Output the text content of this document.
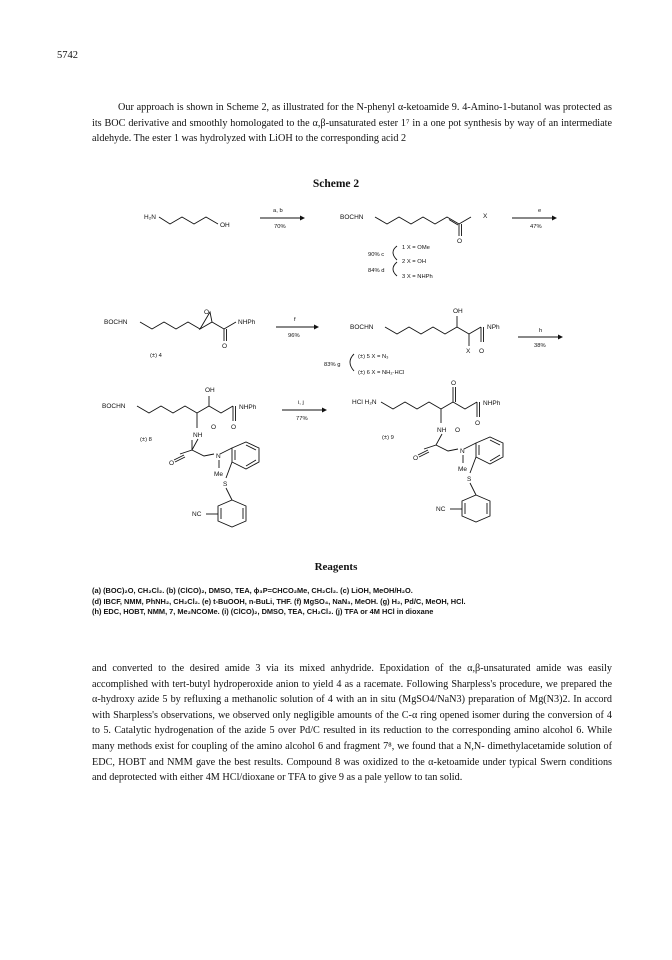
5742

Our approach is shown in Scheme 2, as illustrated for the N-phenyl α-ketoamide 9. 4-Amino-1-butanol was protected as its BOC derivative and smoothly homologated to the α,β-unsaturated ester 1⁷ in a one pot synthesis by way of an intermediate aldehyde. The ester 1 was hydrolyzed with LiOH to the corresponding acid 2

Scheme 2
H₂N
OH
a, b
70%
BOCHN
O
X
e
47%
90% c
1 X = OMe
2 X = OH
84% d
3 X = NHPh
BOCHN
O
O
NHPh
(±) 4
f
96%
BOCHN
OH
X O
NPh	h
38%
83% g
(±) 5 X = N₃
(±) 6 X = NH₂·HCl
BOCHN
OH
O
NHPh
NH
O
O
N
Me
S
NC
(±) 8
i, j
77%
HCl H₂N
O
O
NHPh
NH O
O
N
Me
S
NC
(±) 9
Reagents
(a) (BOC)₂O, CH₂Cl₂. (b) (ClCO)₂, DMSO, TEA, ϕ₃P=CHCO₂Me, CH₂Cl₂. (c) LiOH, MeOH/H₂O.
(d) IBCF, NMM, PhNH₂, CH₂Cl₂. (e) t-BuOOH, n-BuLi, THF. (f) MgSO₄, NaN₃, MeOH. (g) H₂, Pd/C, MeOH, HCl.
(h) EDC, HOBT, NMM, 7, Me₂NCOMe. (i) (ClCO)₂, DMSO, TEA, CH₂Cl₂. (j) TFA or 4M HCl in dioxane

and converted to the desired amide 3 via its mixed anhydride. Epoxidation of the α,β-unsaturated amide was easily accomplished with tert-butyl hydroperoxide anion to yield 4 as a racemate. Following Sharpless's procedure, we prepared the α-hydroxy azide 5 by refluxing a methanolic solution of 4 with an in situ (MgSO4/NaN3) preparation of Mg(N3)2. In accord with Sharpless's observations, we observed only negligible amounts of the C-α ring opened isomer during the conversion of 4 to 5. Catalytic hydrogenation of the azide 5 over Pd/C resulted in its reduction to the corresponding amino alcohol 6. While many methods exist for coupling of the amino alcohol 6 and fragment 7⁸, we found that a N,N- dimethylacetamide solution of EDC, HOBT and NMM gave the best results. Compound 8 was oxidized to the α-ketoamide under typical Swern conditions and deprotected with either 4M HCl/dioxane or TFA to give 9 as a pale yellow to tan solid.
